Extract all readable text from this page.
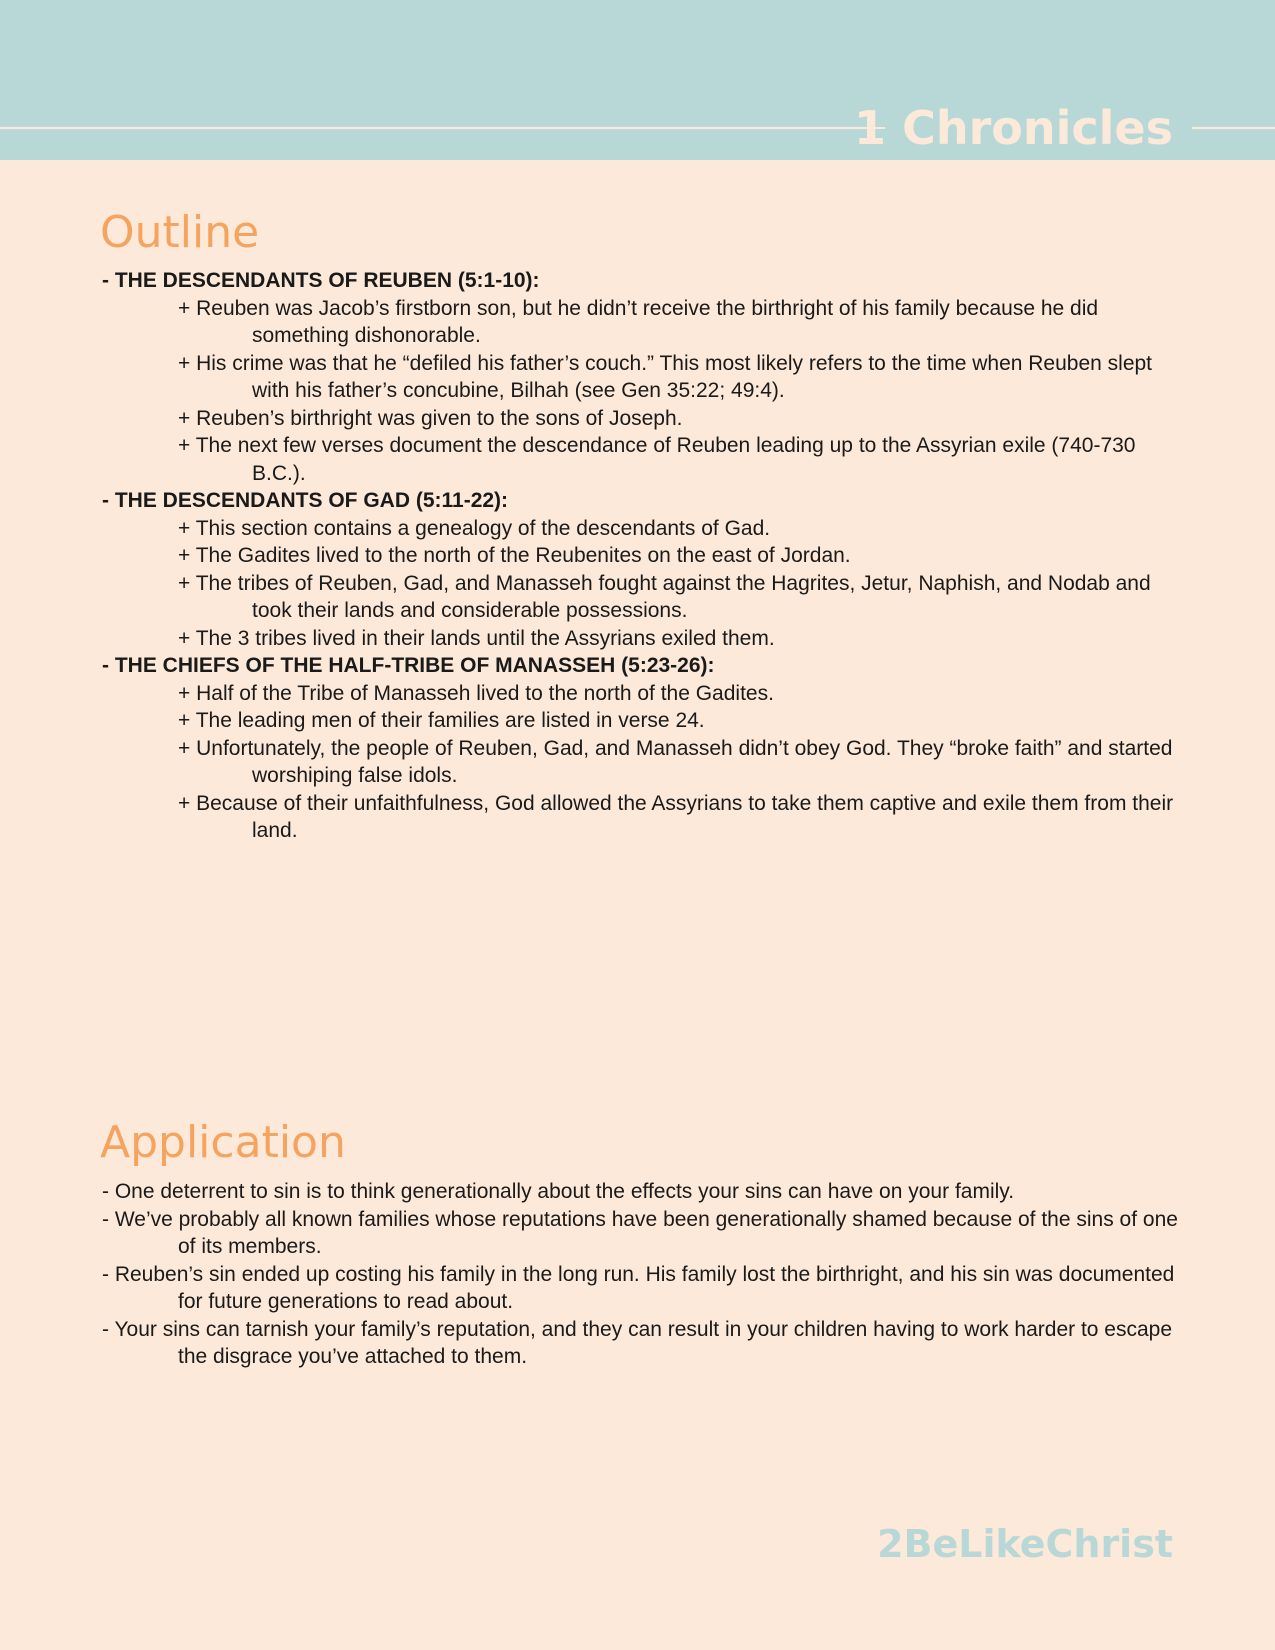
1 Chronicles
Outline

- THE DESCENDANTS OF REUBEN (5:1-10):

+ Reuben was Jacob’s firstborn son, but he didn’t receive the birthright of his family because he did something dishonorable.

+ His crime was that he “defiled his father’s couch.” This most likely refers to the time when Reuben slept with his father’s concubine, Bilhah (see Gen 35:22; 49:4).

+ Reuben’s birthright was given to the sons of Joseph.

+ The next few verses document the descendance of Reuben leading up to the Assyrian exile (740-730 B.C.).

- THE DESCENDANTS OF GAD (5:11-22):

+ This section contains a genealogy of the descendants of Gad.

+ The Gadites lived to the north of the Reubenites on the east of Jordan.

+ The tribes of Reuben, Gad, and Manasseh fought against the Hagrites, Jetur, Naphish, and Nodab and took their lands and considerable possessions.

+ The 3 tribes lived in their lands until the Assyrians exiled them.

- THE CHIEFS OF THE HALF-TRIBE OF MANASSEH (5:23-26):

+ Half of the Tribe of Manasseh lived to the north of the Gadites.

+ The leading men of their families are listed in verse 24.

+ Unfortunately, the people of Reuben, Gad, and Manasseh didn’t obey God. They “broke faith” and started worshiping false idols.

+ Because of their unfaithfulness, God allowed the Assyrians to take them captive and exile them from their land.

Application

- One deterrent to sin is to think generationally about the effects your sins can have on your family.

- We’ve probably all known families whose reputations have been generationally shamed because of the sins of one of its members.

- Reuben’s sin ended up costing his family in the long run. His family lost the birthright, and his sin was documented for future generations to read about.

- Your sins can tarnish your family’s reputation, and they can result in your children having to work harder to escape the disgrace you’ve attached to them.

2BeLikeChrist
